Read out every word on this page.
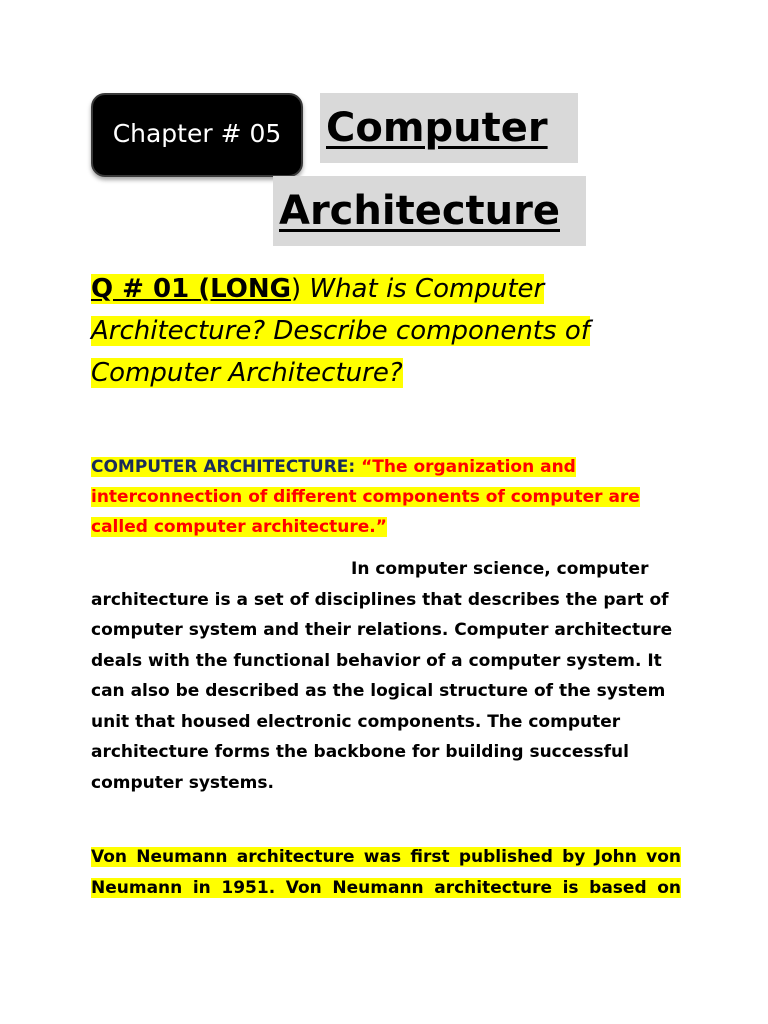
Chapter # 05	Computer
Architecture
Q # 01 (LONG) What is Computer Architecture? Describe components of Computer Architecture?
COMPUTER ARCHITECTURE: “The organization and interconnection of different components of computer are called computer architecture.”

In computer science, computer architecture is a set of disciplines that describes the part of computer system and their relations. Computer architecture deals with the functional behavior of a computer system. It can also be described as the logical structure of the system unit that housed electronic components. The computer architecture forms the backbone for building successful computer systems.

Von Neumann architecture was first published by John von Neumann in 1951. Von Neumann architecture is based on
